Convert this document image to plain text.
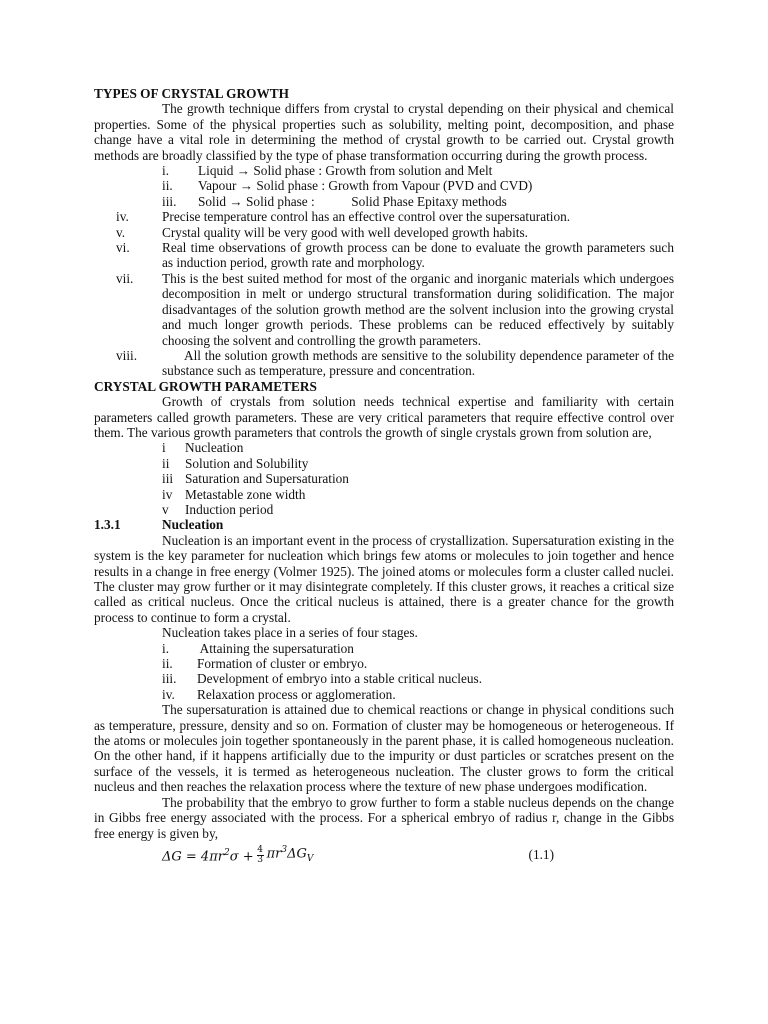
TYPES OF CRYSTAL GROWTH

The growth technique differs from crystal to crystal depending on their physical and chemical properties. Some of the physical properties such as solubility, melting point, decomposition, and phase change have a vital role in determining the method of crystal growth to be carried out. Crystal growth methods are broadly classified by the type of phase transformation occurring during the growth process.

i.	Liquid → Solid phase : Growth from solution and Melt
ii.	Vapour → Solid phase : Growth from Vapour (PVD and CVD)
iii.	Solid → Solid phase :           Solid Phase Epitaxy methods
iv.	Precise temperature control has an effective control over the supersaturation.
v.	Crystal quality will be very good with well developed growth habits.
vi.	Real time observations of growth process can be done to evaluate the growth parameters such as induction period, growth rate and morphology.
vii.	This is the best suited method for most of the organic and inorganic materials which undergoes decomposition in melt or undergo structural transformation during solidification. The major disadvantages of the solution growth method are the solvent inclusion into the growing crystal and much longer growth periods. These problems can be reduced effectively by suitably choosing the solvent and controlling the growth parameters.
viii.	All the solution growth methods are sensitive to the solubility dependence parameter of the substance such as temperature, pressure and concentration.
CRYSTAL GROWTH PARAMETERS

Growth of crystals from solution needs technical expertise and familiarity with certain parameters called growth parameters. These are very critical parameters that require effective control over them. The various growth parameters that controls the growth of single crystals grown from solution are,

i	Nucleation
ii	Solution and Solubility
iii Saturation and Supersaturation
iv Metastable zone width
v	Induction period
1.3.1	Nucleation

Nucleation is an important event in the process of crystallization. Supersaturation existing in the system is the key parameter for nucleation which brings few atoms or molecules to join together and hence results in a change in free energy (Volmer 1925). The joined atoms or molecules form a cluster called nuclei. The cluster may grow further or it may disintegrate completely. If this cluster grows, it reaches a critical size called as critical nucleus. Once the critical nucleus is attained, there is a greater chance for the growth process to continue to form a crystal.

Nucleation takes place in a series of four stages.

i.	Attaining the supersaturation
ii.	Formation of cluster or embryo.
iii.	Development of embryo into a stable critical nucleus.
iv.	Relaxation process or agglomeration.

The supersaturation is attained due to chemical reactions or change in physical conditions such as temperature, pressure, density and so on. Formation of cluster may be homogeneous or heterogeneous. If the atoms or molecules join together spontaneously in the parent phase, it is called homogeneous nucleation. On the other hand, if it happens artificially due to the impurity or dust particles or scratches present on the surface of the vessels, it is termed as heterogeneous nucleation. The cluster grows to form the critical nucleus and then reaches the relaxation process where the texture of new phase undergoes modification.

The probability that the embryo to grow further to form a stable nucleus depends on the change in Gibbs free energy associated with the process. For a spherical embryo of radius r, change in the Gibbs free energy is given by,

$\Delta G = 4\pi r^2\sigma + \frac{4}{3} \pi r^3\Delta G_V$	(1.1)
